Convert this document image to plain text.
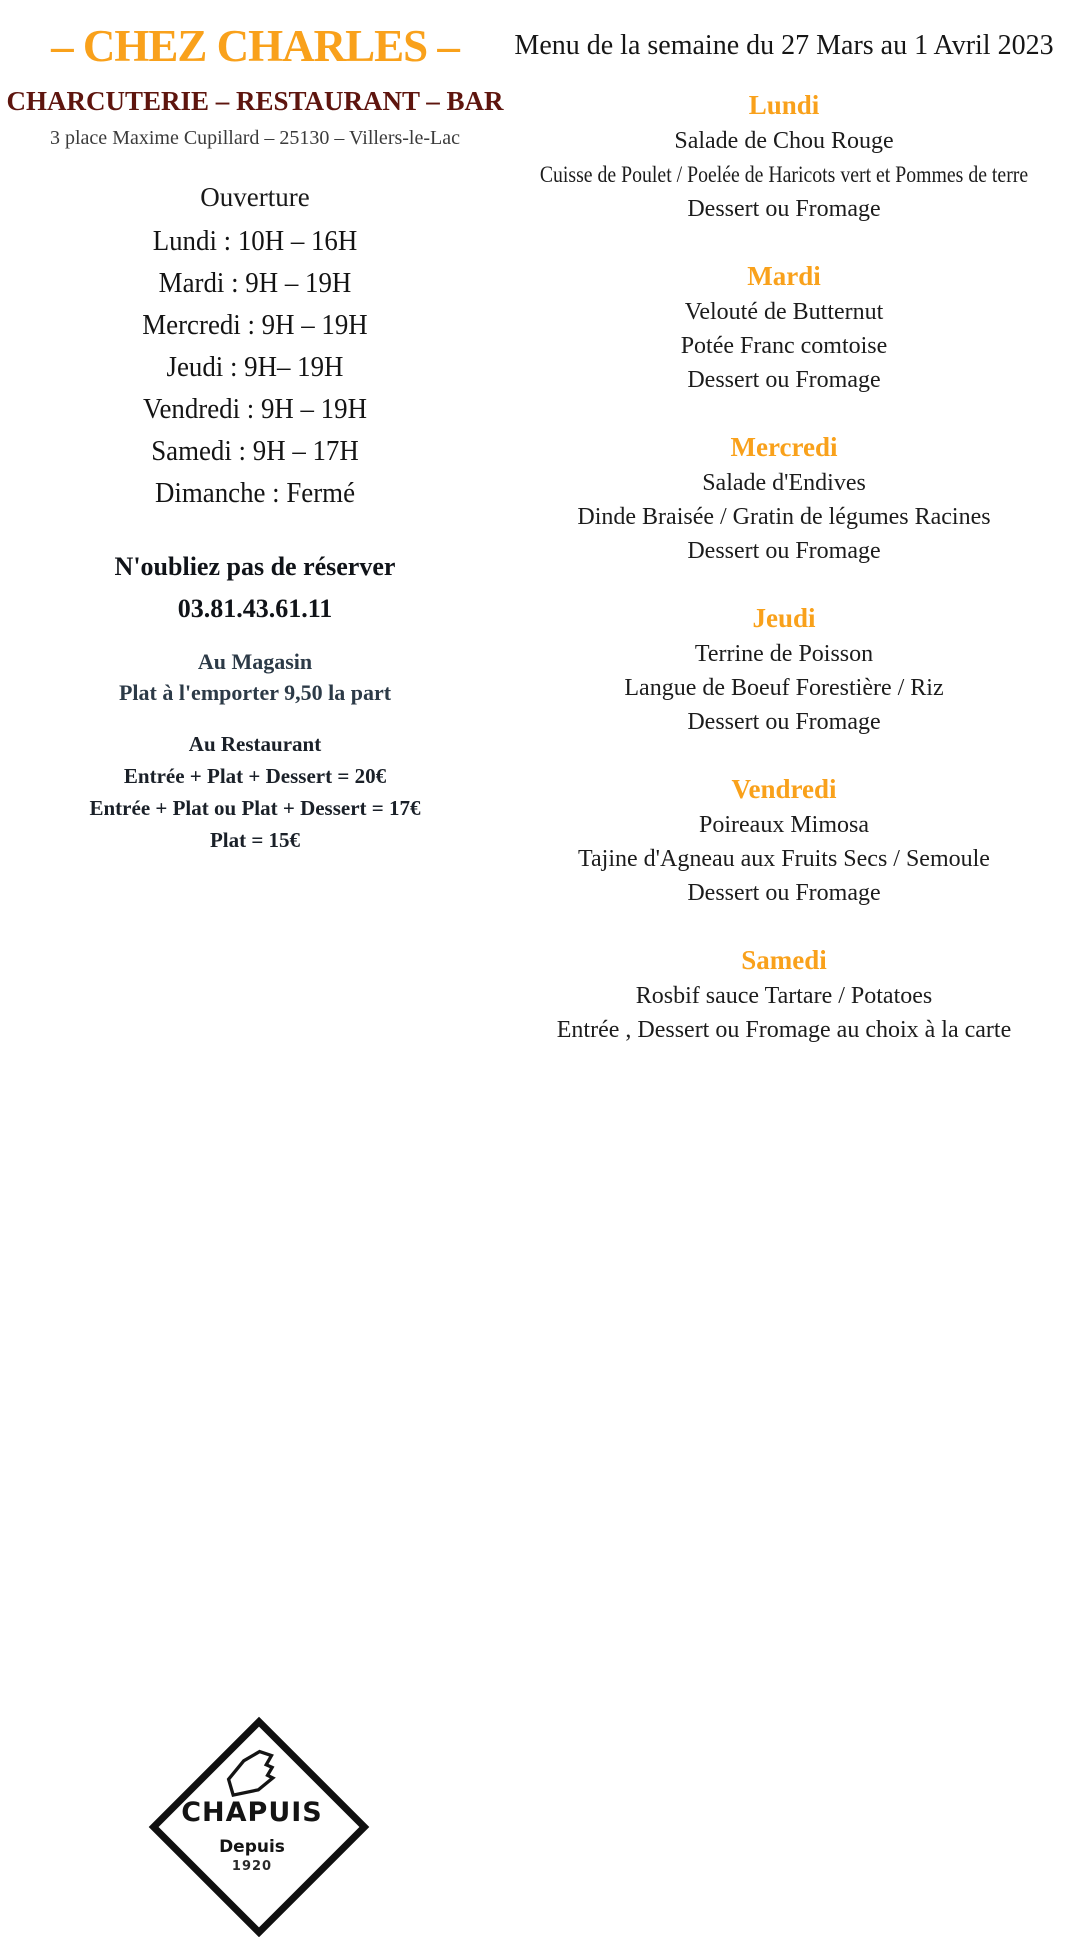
– CHEZ CHARLES –
CHARCUTERIE – RESTAURANT – BAR
3 place Maxime Cupillard – 25130 – Villers-le-Lac
Ouverture
Lundi : 10H – 16H
Mardi : 9H – 19H
Mercredi : 9H – 19H
Jeudi : 9H– 19H
Vendredi : 9H – 19H
Samedi : 9H – 17H
Dimanche : Fermé
N'oubliez pas de réserver
03.81.43.61.11
Au Magasin
Plat à l'emporter 9,50 la part
Au Restaurant
Entrée + Plat + Dessert = 20€
Entrée + Plat ou Plat + Dessert = 17€
Plat = 15€
CHAPUIS
Depuis
1920
Menu de la semaine du 27 Mars au 1 Avril 2023
Lundi
Salade de Chou Rouge
Cuisse de Poulet / Poelée de Haricots vert et Pommes de terre
Dessert ou Fromage
Mardi
Velouté de Butternut
Potée Franc comtoise
Dessert ou Fromage
Mercredi
Salade d'Endives
Dinde Braisée / Gratin de légumes Racines
Dessert ou Fromage
Jeudi
Terrine de Poisson
Langue de Boeuf Forestière / Riz
Dessert ou Fromage
Vendredi
Poireaux Mimosa
Tajine d'Agneau aux Fruits Secs / Semoule
Dessert ou Fromage
Samedi
Rosbif sauce Tartare / Potatoes
Entrée , Dessert ou Fromage au choix à la carte
